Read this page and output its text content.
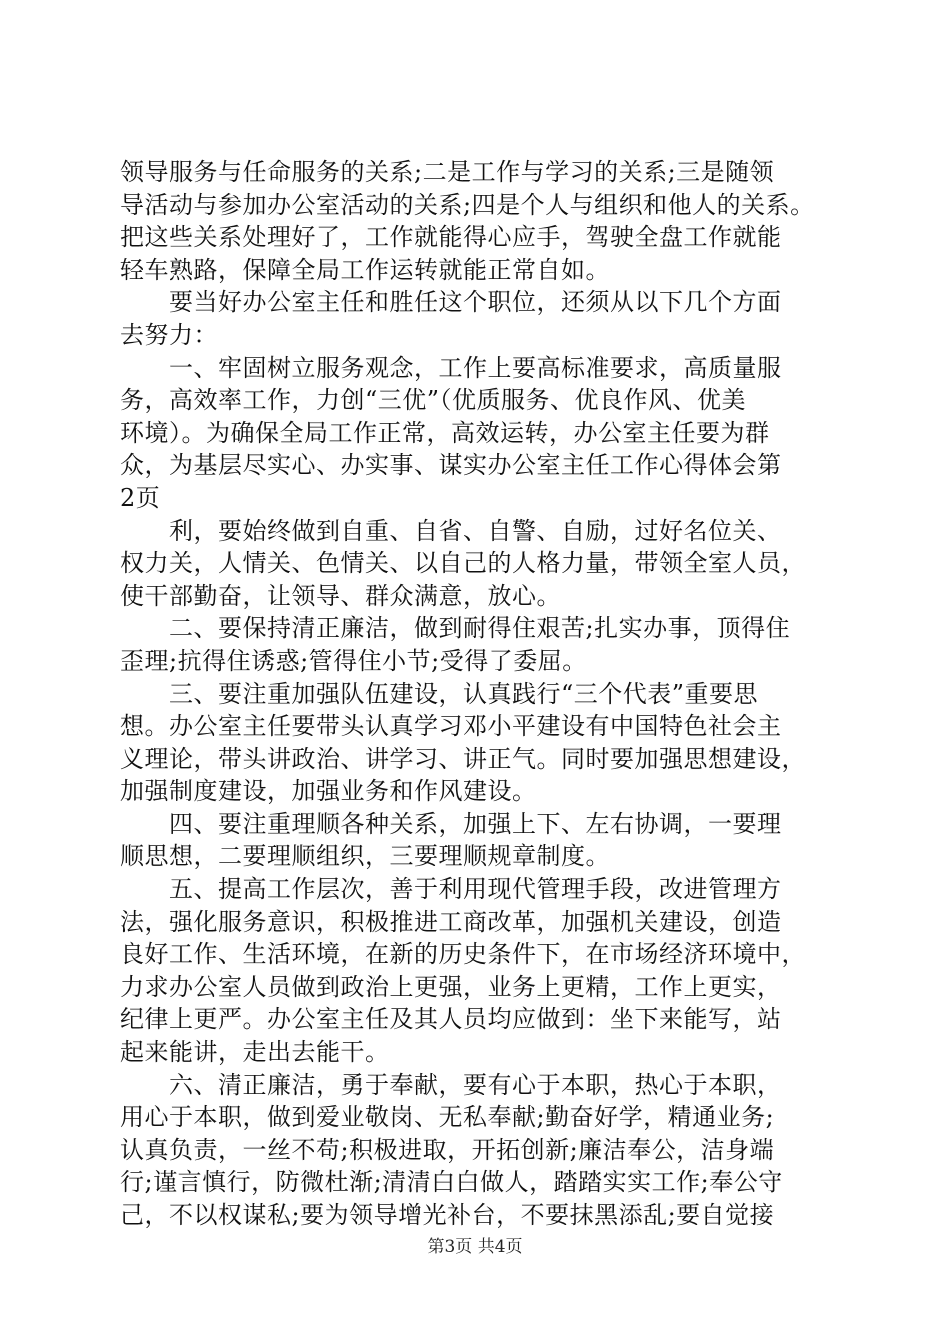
领导服务与任命服务的关系;二是工作与学习的关系;三是随领
导活动与参加办公室活动的关系;四是个人与组织和他人的关系。
把这些关系处理好了，工作就能得心应手，驾驶全盘工作就能
轻车熟路，保障全局工作运转就能正常自如。
　　要当好办公室主任和胜任这个职位，还须从以下几个方面
去努力：
　　一、牢固树立服务观念，工作上要高标准要求，高质量服
务，高效率工作，力创“三优”（优质服务、优良作风、优美
环境）。为确保全局工作正常，高效运转，办公室主任要为群
众，为基层尽实心、办实事、谋实办公室主任工作心得体会第
2页
　　利，要始终做到自重、自省、自警、自励，过好名位关、
权力关，人情关、色情关、以自己的人格力量，带领全室人员，
使干部勤奋，让领导、群众满意，放心。
　　二、要保持清正廉洁，做到耐得住艰苦;扎实办事，顶得住
歪理;抗得住诱惑;管得住小节;受得了委屈。
　　三、要注重加强队伍建设，认真践行“三个代表”重要思
想。办公室主任要带头认真学习邓小平建设有中国特色社会主
义理论，带头讲政治、讲学习、讲正气。同时要加强思想建设，
加强制度建设，加强业务和作风建设。
　　四、要注重理顺各种关系，加强上下、左右协调，一要理
顺思想，二要理顺组织，三要理顺规章制度。
　　五、提高工作层次，善于利用现代管理手段，改进管理方
法，强化服务意识，积极推进工商改革，加强机关建设，创造
良好工作、生活环境，在新的历史条件下，在市场经济环境中，
力求办公室人员做到政治上更强，业务上更精，工作上更实，
纪律上更严。办公室主任及其人员均应做到：坐下来能写，站
起来能讲，走出去能干。
　　六、清正廉洁，勇于奉献，要有心于本职，热心于本职，
用心于本职，做到爱业敬岗、无私奉献;勤奋好学，精通业务;
认真负责，一丝不苟;积极进取，开拓创新;廉洁奉公，洁身端
行;谨言慎行，防微杜渐;清清白白做人，踏踏实实工作;奉公守
己，不以权谋私;要为领导增光补台，不要抹黑添乱;要自觉接
第3页 共4页
